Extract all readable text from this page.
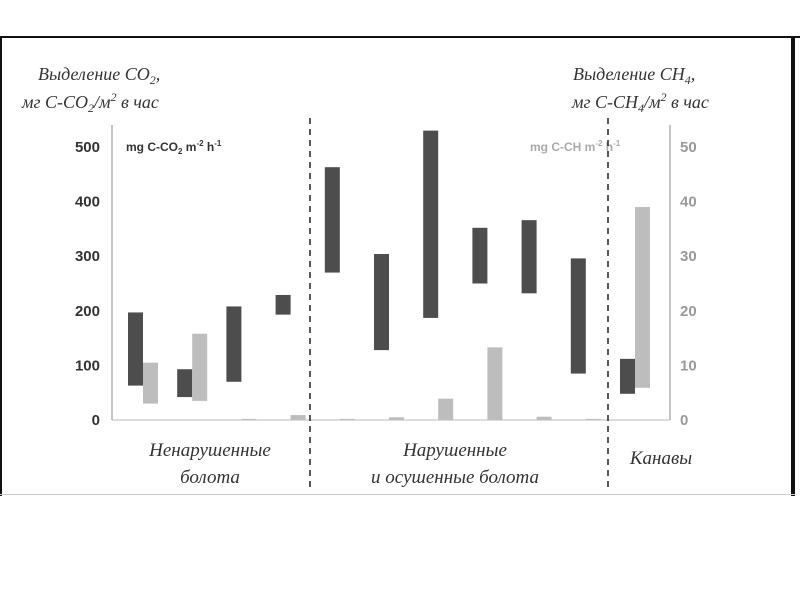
Выделение $CO_2$,
мг $C-CO_2/м^2$ в час
Выделение $CH_4$,
мг $C-CH_4/м^2$ в час
mg $C-CO_2$ $m^{-2}$ $h^{-1}$	mg C-CH $m^{-2}$ $h^{-1}$
0
100
200
300
400
500
0
10
20
30
40
50
Ненарушенные
болота
Нарушенные
и осушенные болота
Канавы
